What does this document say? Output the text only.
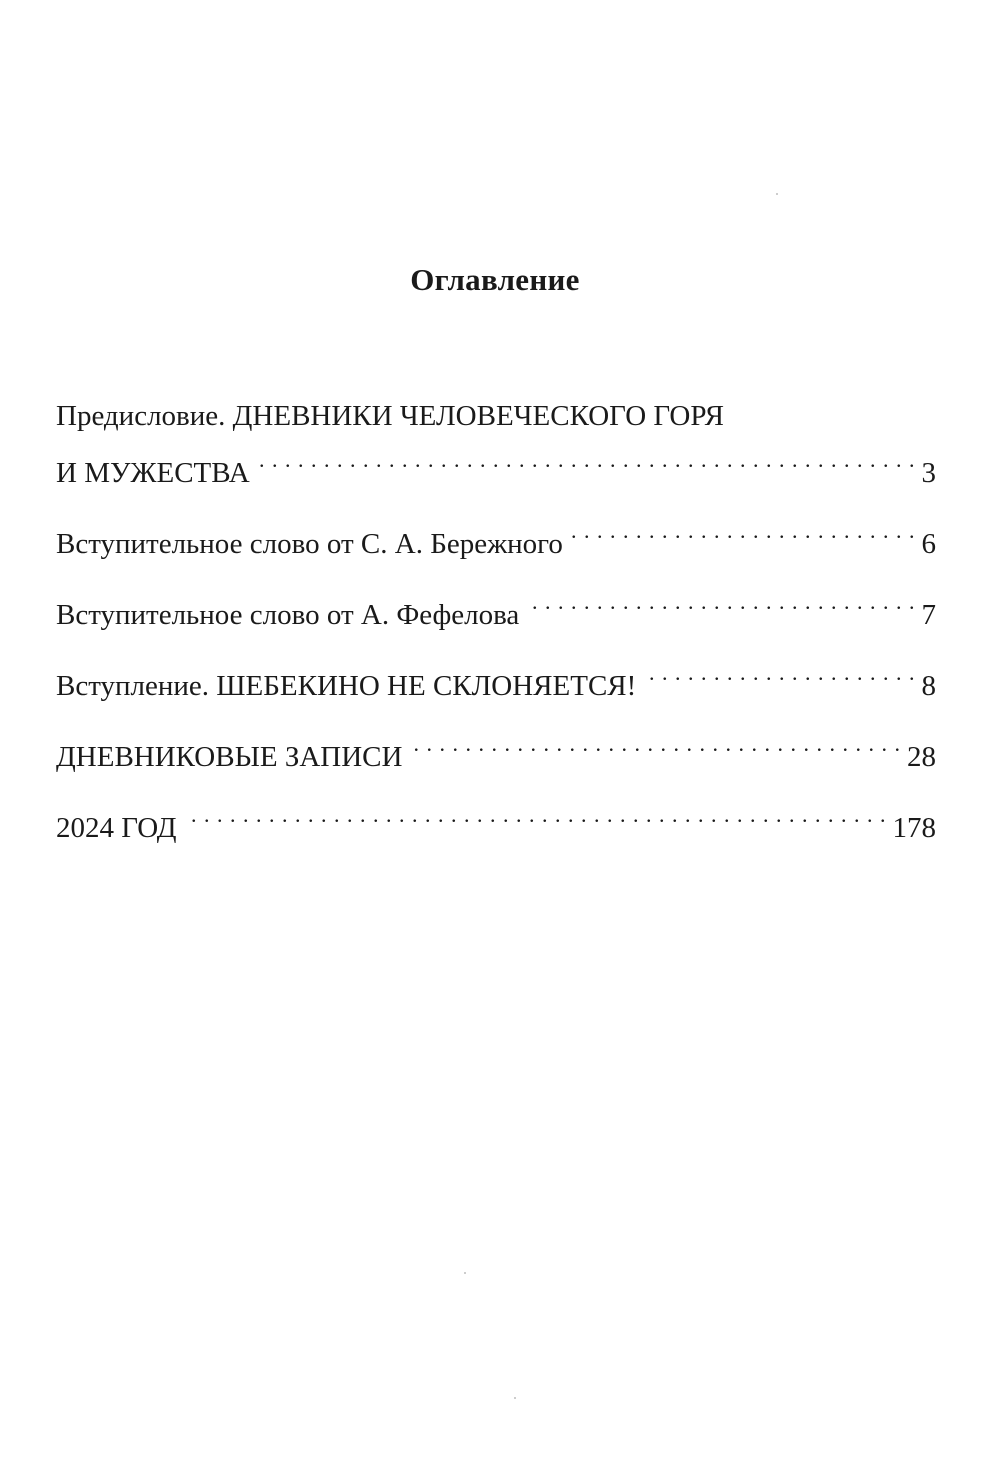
Оглавление
Предисловие. ДНЕВНИКИ ЧЕЛОВЕЧЕСКОГО ГОРЯ
И МУЖЕСТВА . . .	3
Вступительное слово от С. А. Бережного . . .	6
Вступительное слово от А. Фефелова . . .	7
Вступление. ШЕБЕКИНО НЕ СКЛОНЯЕТСЯ! . . .	8
ДНЕВНИКОВЫЕ ЗАПИСИ . . .	28
2024 ГОД . . .	178
